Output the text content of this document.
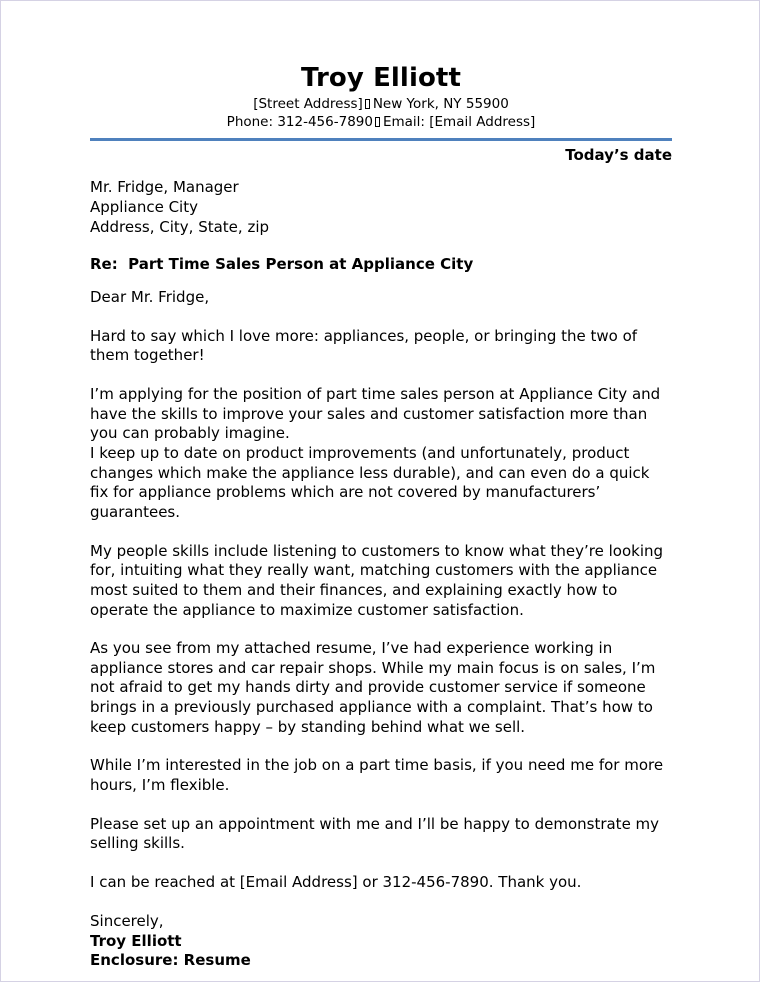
Troy Elliott
[Street Address] New York, NY 55900
Phone: 312-456-7890 Email: [Email Address]
Today’s date
Mr. Fridge, Manager
Appliance City
Address, City, State, zip
Re:  Part Time Sales Person at Appliance City
Dear Mr. Fridge,
Hard to say which I love more: appliances, people, or bringing the two of them together!
I’m applying for the position of part time sales person at Appliance City and have the skills to improve your sales and customer satisfaction more than you can probably imagine.
I keep up to date on product improvements (and unfortunately, product changes which make the appliance less durable), and can even do a quick fix for appliance problems which are not covered by manufacturers’ guarantees.
My people skills include listening to customers to know what they’re looking for, intuiting what they really want, matching customers with the appliance most suited to them and their finances, and explaining exactly how to operate the appliance to maximize customer satisfaction.
As you see from my attached resume, I’ve had experience working in appliance stores and car repair shops. While my main focus is on sales, I’m not afraid to get my hands dirty and provide customer service if someone brings in a previously purchased appliance with a complaint. That’s how to keep customers happy – by standing behind what we sell.
While I’m interested in the job on a part time basis, if you need me for more hours, I’m flexible.
Please set up an appointment with me and I’ll be happy to demonstrate my selling skills.
I can be reached at [Email Address] or 312-456-7890. Thank you.
Sincerely,
Troy Elliott
Enclosure: Resume
